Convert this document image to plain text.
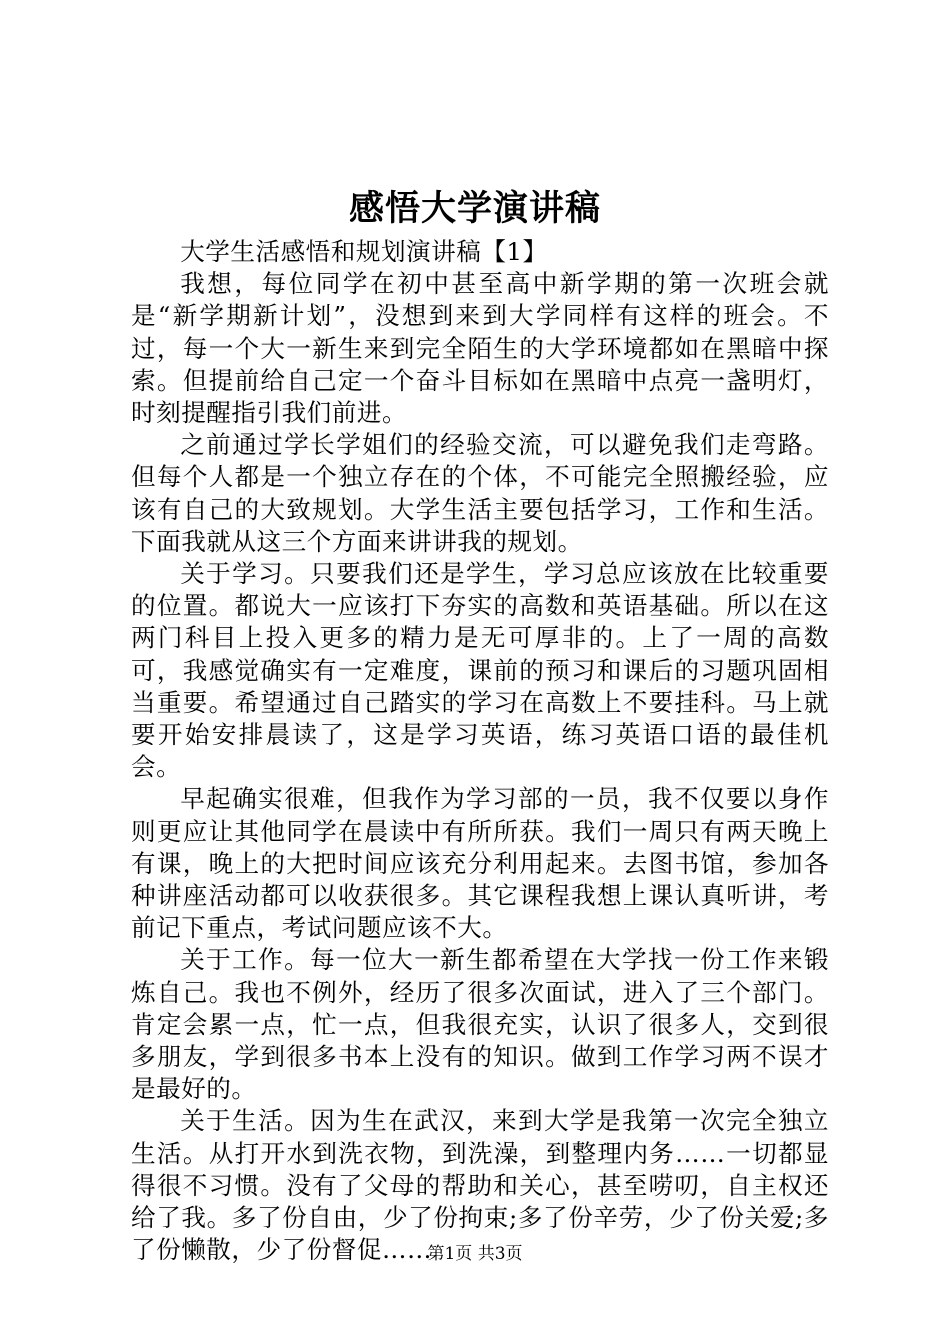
感悟大学演讲稿

大学生活感悟和规划演讲稿【1】

我想，每位同学在初中甚至高中新学期的第一次班会就是“新学期新计划”，没想到来到大学同样有这样的班会。不过，每一个大一新生来到完全陌生的大学环境都如在黑暗中探索。但提前给自己定一个奋斗目标如在黑暗中点亮一盏明灯，时刻提醒指引我们前进。

之前通过学长学姐们的经验交流，可以避免我们走弯路。但每个人都是一个独立存在的个体，不可能完全照搬经验，应该有自己的大致规划。大学生活主要包括学习，工作和生活。下面我就从这三个方面来讲讲我的规划。

关于学习。只要我们还是学生，学习总应该放在比较重要的位置。都说大一应该打下夯实的高数和英语基础。所以在这两门科目上投入更多的精力是无可厚非的。上了一周的高数可，我感觉确实有一定难度，课前的预习和课后的习题巩固相当重要。希望通过自己踏实的学习在高数上不要挂科。马上就要开始安排晨读了，这是学习英语，练习英语口语的最佳机会。

早起确实很难，但我作为学习部的一员，我不仅要以身作则更应让其他同学在晨读中有所所获。我们一周只有两天晚上有课，晚上的大把时间应该充分利用起来。去图书馆，参加各种讲座活动都可以收获很多。其它课程我想上课认真听讲，考前记下重点，考试问题应该不大。

关于工作。每一位大一新生都希望在大学找一份工作来锻炼自己。我也不例外，经历了很多次面试，进入了三个部门。肯定会累一点，忙一点，但我很充实，认识了很多人，交到很多朋友，学到很多书本上没有的知识。做到工作学习两不误才是最好的。

关于生活。因为生在武汉，来到大学是我第一次完全独立生活。从打开水到洗衣物，到洗澡，到整理内务……一切都显得很不习惯。没有了父母的帮助和关心，甚至唠叨，自主权还给了我。多了份自由，少了份拘束;多了份辛劳，少了份关爱;多了份懒散，少了份督促……

第1页 共3页
